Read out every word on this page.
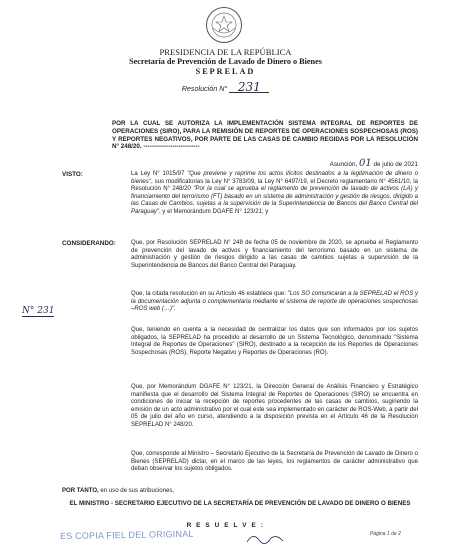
PRESIDENCIA DE LA REPÚBLICA
Secretaría de Prevención de Lavado de Dinero o Bienes
SEPRELAD
Resolución N° 231
POR LA CUAL SE AUTORIZA LA IMPLEMENTACIÓN SISTEMA INTEGRAL DE REPORTES DE OPERACIONES (SIRO), PARA LA REMISIÓN DE REPORTES DE OPERACIONES SOSPECHOSAS (ROS) Y REPORTES NEGATIVOS, POR PARTE DE LAS CASAS DE CAMBIO REGIDAS POR LA RESOLUCIÓN N° 248/20. ---------------------------
Asunción, 01 de julio de 2021
VISTO:	La Ley N° 1015/97 "Que previene y reprime los actos ilícitos destinados a la legitimación de dinero o bienes", sus modificatorias la Ley N° 3783/09, la Ley N° 6497/19, el Decreto reglamentario N° 4561/10, la Resolución N° 248/20 "Por la cual se aprueba el reglamento de prevención de lavado de activos (LA) y financiamiento del terrorismo (FT) basado en un sistema de administración y gestión de riesgos, dirigido a las Casas de Cambios, sujetas a la supervisión de la Superintendencia de Bancos del Banco Central del Paraguay", y el Memorándum DGAFE N° 123/21; y
CONSIDERANDO:	Que, por Resolución SEPRELAD N° 248 de fecha 05 de noviembre de 2020, se aprueba el Reglamento de prevención del lavado de activos y financiamiento del terrorismo basado en un sistema de administración y gestión de riesgos dirigido a las casas de cambios sujetas a supervisión de la Superintendencia de Bancos del Banco Central del Paraguay.
Que, la citada resolución en su Artículo 46 establece que: "Los SO comunicaran a la SEPRELAD el ROS y la documentación adjunta o complementaria mediante el sistema de reporte de operaciones sospechosas –ROS web (…)".
Que, teniendo en cuenta a la necesidad de centralizar los datos que son informados por los sujetos obligados, la SEPRELAD ha procedido al desarrollo de un Sistema Tecnológico, denominado "Sistema Integral de Reportes de Operaciones" (SIRO), destinado a la recepción de los Reportes de Operaciones Sospechosas (ROS), Reporte Negativo y Reportes de Operaciones (RO).
Que, por Memorándum DGAFE N° 123/21, la Dirección General de Análisis Financiero y Estratégico manifiesta que el desarrollo del Sistema Integral de Reportes de Operaciones (SIRO) se encuentra en condiciones de iniciar la recepción de reportes procedentes de las casas de cambios, sugiriendo la emisión de un acto administrativo por el cual este sea implementado en carácter de ROS-Web, a partir del 05 de julio del año en curso, atendiendo a la disposición prevista en el Artículo 46 de la Resolución SEPRELAD N° 248/20.
Que, corresponde al Ministro – Secretario Ejecutivo de la Secretaría de Prevención de Lavado de Dinero o Bienes (SEPRELAD) dictar, en el marco de las leyes, los reglamentos de carácter administrativo que deban observar los sujetos obligados.
N° 231
POR TANTO, en uso de sus atribuciones,
EL MINISTRO - SECRETARIO EJECUTIVO DE LA SECRETARÍA DE PREVENCIÓN DE LAVADO DE DINERO O BIENES
R E S U E L V E :
ES COPIA FIEL DEL ORIGINAL	Página 1 de 2
